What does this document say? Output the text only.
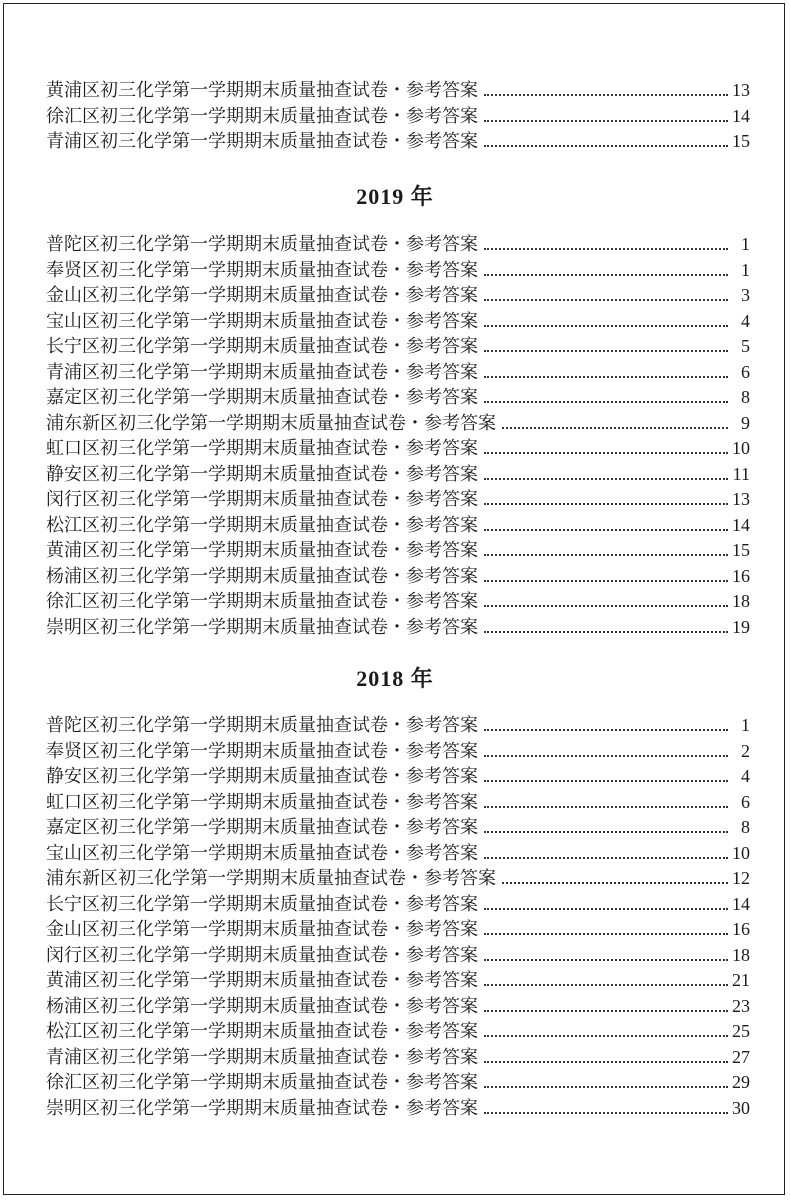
黄浦区初三化学第一学期期末质量抽查试卷・参考答案	13
徐汇区初三化学第一学期期末质量抽查试卷・参考答案	14
青浦区初三化学第一学期期末质量抽查试卷・参考答案	15
2019 年
普陀区初三化学第一学期期末质量抽查试卷・参考答案	1
奉贤区初三化学第一学期期末质量抽查试卷・参考答案	1
金山区初三化学第一学期期末质量抽查试卷・参考答案	3
宝山区初三化学第一学期期末质量抽查试卷・参考答案	4
长宁区初三化学第一学期期末质量抽查试卷・参考答案	5
青浦区初三化学第一学期期末质量抽查试卷・参考答案	6
嘉定区初三化学第一学期期末质量抽查试卷・参考答案	8
浦东新区初三化学第一学期期末质量抽查试卷・参考答案	9
虹口区初三化学第一学期期末质量抽查试卷・参考答案	10
静安区初三化学第一学期期末质量抽查试卷・参考答案	11
闵行区初三化学第一学期期末质量抽查试卷・参考答案	13
松江区初三化学第一学期期末质量抽查试卷・参考答案	14
黄浦区初三化学第一学期期末质量抽查试卷・参考答案	15
杨浦区初三化学第一学期期末质量抽查试卷・参考答案	16
徐汇区初三化学第一学期期末质量抽查试卷・参考答案	18
崇明区初三化学第一学期期末质量抽查试卷・参考答案	19
2018 年
普陀区初三化学第一学期期末质量抽查试卷・参考答案	1
奉贤区初三化学第一学期期末质量抽查试卷・参考答案	2
静安区初三化学第一学期期末质量抽查试卷・参考答案	4
虹口区初三化学第一学期期末质量抽查试卷・参考答案	6
嘉定区初三化学第一学期期末质量抽查试卷・参考答案	8
宝山区初三化学第一学期期末质量抽查试卷・参考答案	10
浦东新区初三化学第一学期期末质量抽查试卷・参考答案	12
长宁区初三化学第一学期期末质量抽查试卷・参考答案	14
金山区初三化学第一学期期末质量抽查试卷・参考答案	16
闵行区初三化学第一学期期末质量抽查试卷・参考答案	18
黄浦区初三化学第一学期期末质量抽查试卷・参考答案	21
杨浦区初三化学第一学期期末质量抽查试卷・参考答案	23
松江区初三化学第一学期期末质量抽查试卷・参考答案	25
青浦区初三化学第一学期期末质量抽查试卷・参考答案	27
徐汇区初三化学第一学期期末质量抽查试卷・参考答案	29
崇明区初三化学第一学期期末质量抽查试卷・参考答案	30
